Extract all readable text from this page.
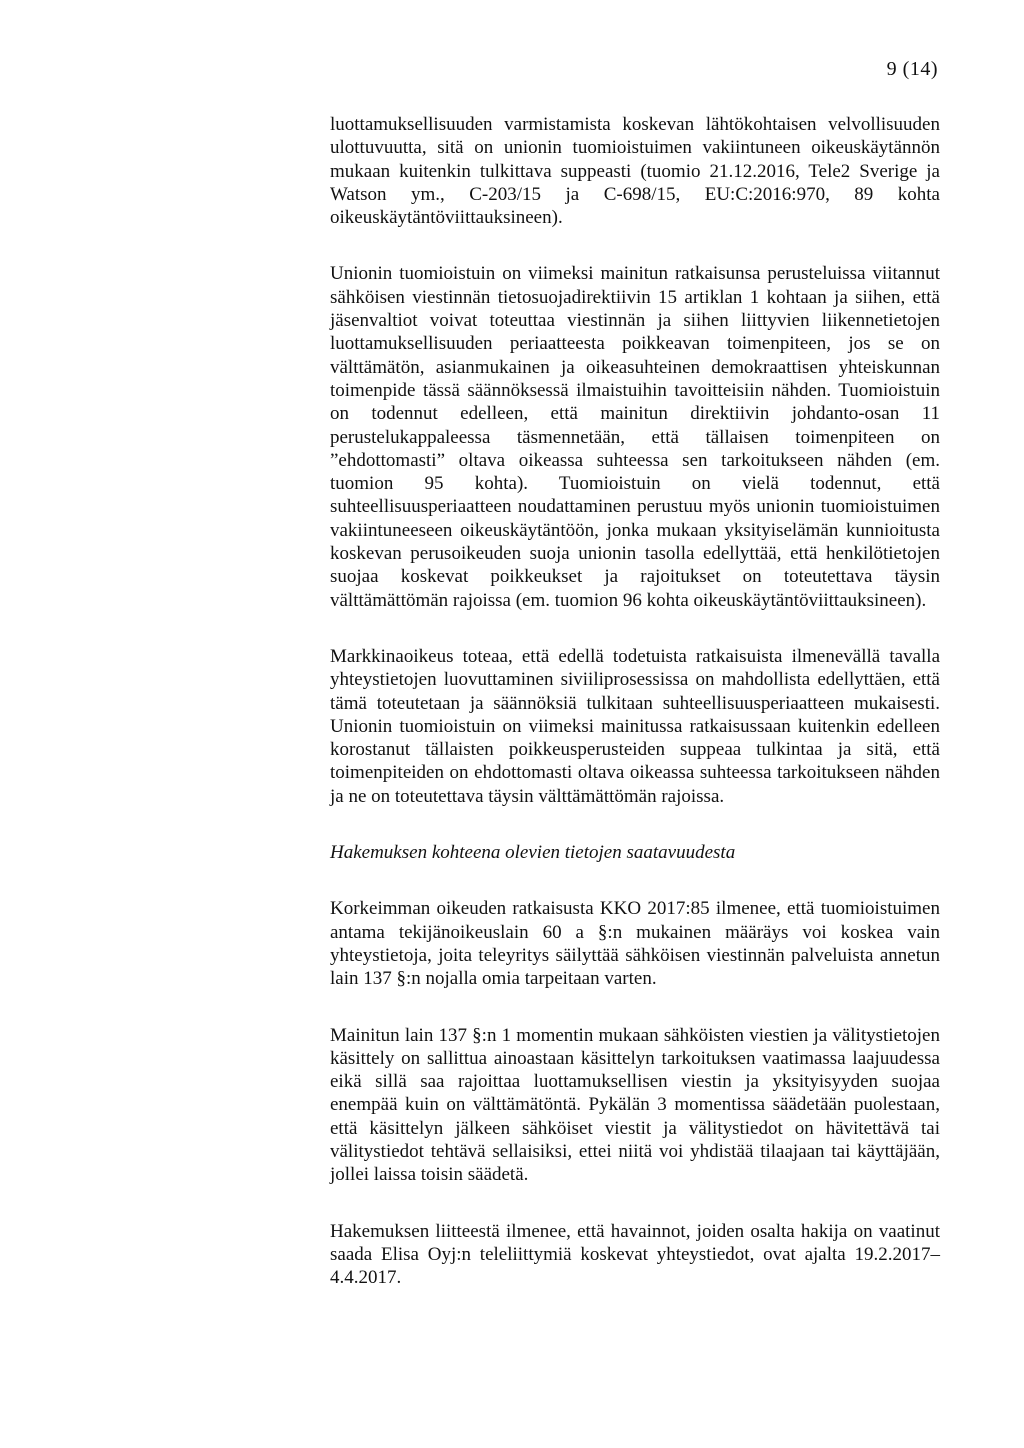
9 (14)

luottamuksellisuuden varmistamista koskevan lähtökohtaisen velvollisuuden ulottuvuutta, sitä on unionin tuomioistuimen vakiintuneen oikeuskäytännön mukaan kuitenkin tulkittava suppeasti (tuomio 21.12.2016, Tele2 Sverige ja Watson ym., C-203/15 ja C-698/15, EU:C:2016:970, 89 kohta oikeuskäytäntöviittauksineen).

Unionin tuomioistuin on viimeksi mainitun ratkaisunsa perusteluissa viitannut sähköisen viestinnän tietosuojadirektiivin 15 artiklan 1 kohtaan ja siihen, että jäsenvaltiot voivat toteuttaa viestinnän ja siihen liittyvien liikennetietojen luottamuksellisuuden periaatteesta poikkeavan toimenpiteen, jos se on välttämätön, asianmukainen ja oikeasuhteinen demokraattisen yhteiskunnan toimenpide tässä säännöksessä ilmaistuihin tavoitteisiin nähden. Tuomioistuin on todennut edelleen, että mainitun direktiivin johdanto-osan 11 perustelukappaleessa täsmennetään, että tällaisen toimenpiteen on ”ehdottomasti” oltava oikeassa suhteessa sen tarkoitukseen nähden (em. tuomion 95 kohta). Tuomioistuin on vielä todennut, että suhteellisuusperiaatteen noudattaminen perustuu myös unionin tuomioistuimen vakiintuneeseen oikeuskäytäntöön, jonka mukaan yksityiselämän kunnioitusta koskevan perusoikeuden suoja unionin tasolla edellyttää, että henkilötietojen suojaa koskevat poikkeukset ja rajoitukset on toteutettava täysin välttämättömän rajoissa (em. tuomion 96 kohta oikeuskäytäntöviittauksineen).

Markkinaoikeus toteaa, että edellä todetuista ratkaisuista ilmenevällä tavalla yhteystietojen luovuttaminen siviiliprosessissa on mahdollista edellyttäen, että tämä toteutetaan ja säännöksiä tulkitaan suhteellisuusperiaatteen mukaisesti. Unionin tuomioistuin on viimeksi mainitussa ratkaisussaan kuitenkin edelleen korostanut tällaisten poikkeusperusteiden suppeaa tulkintaa ja sitä, että toimenpiteiden on ehdottomasti oltava oikeassa suhteessa tarkoitukseen nähden ja ne on toteutettava täysin välttämättömän rajoissa.

Hakemuksen kohteena olevien tietojen saatavuudesta

Korkeimman oikeuden ratkaisusta KKO 2017:85 ilmenee, että tuomioistuimen antama tekijänoikeuslain 60 a §:n mukainen määräys voi koskea vain yhteystietoja, joita teleyritys säilyttää sähköisen viestinnän palveluista annetun lain 137 §:n nojalla omia tarpeitaan varten.

Mainitun lain 137 §:n 1 momentin mukaan sähköisten viestien ja välitystietojen käsittely on sallittua ainoastaan käsittelyn tarkoituksen vaatimassa laajuudessa eikä sillä saa rajoittaa luottamuksellisen viestin ja yksityisyyden suojaa enempää kuin on välttämätöntä. Pykälän 3 momentissa säädetään puolestaan, että käsittelyn jälkeen sähköiset viestit ja välitystiedot on hävitettävä tai välitystiedot tehtävä sellaisiksi, ettei niitä voi yhdistää tilaajaan tai käyttäjään, jollei laissa toisin säädetä.

Hakemuksen liitteestä ilmenee, että havainnot, joiden osalta hakija on vaatinut saada Elisa Oyj:n teleliittymiä koskevat yhteystiedot, ovat ajalta 19.2.2017–4.4.2017.
